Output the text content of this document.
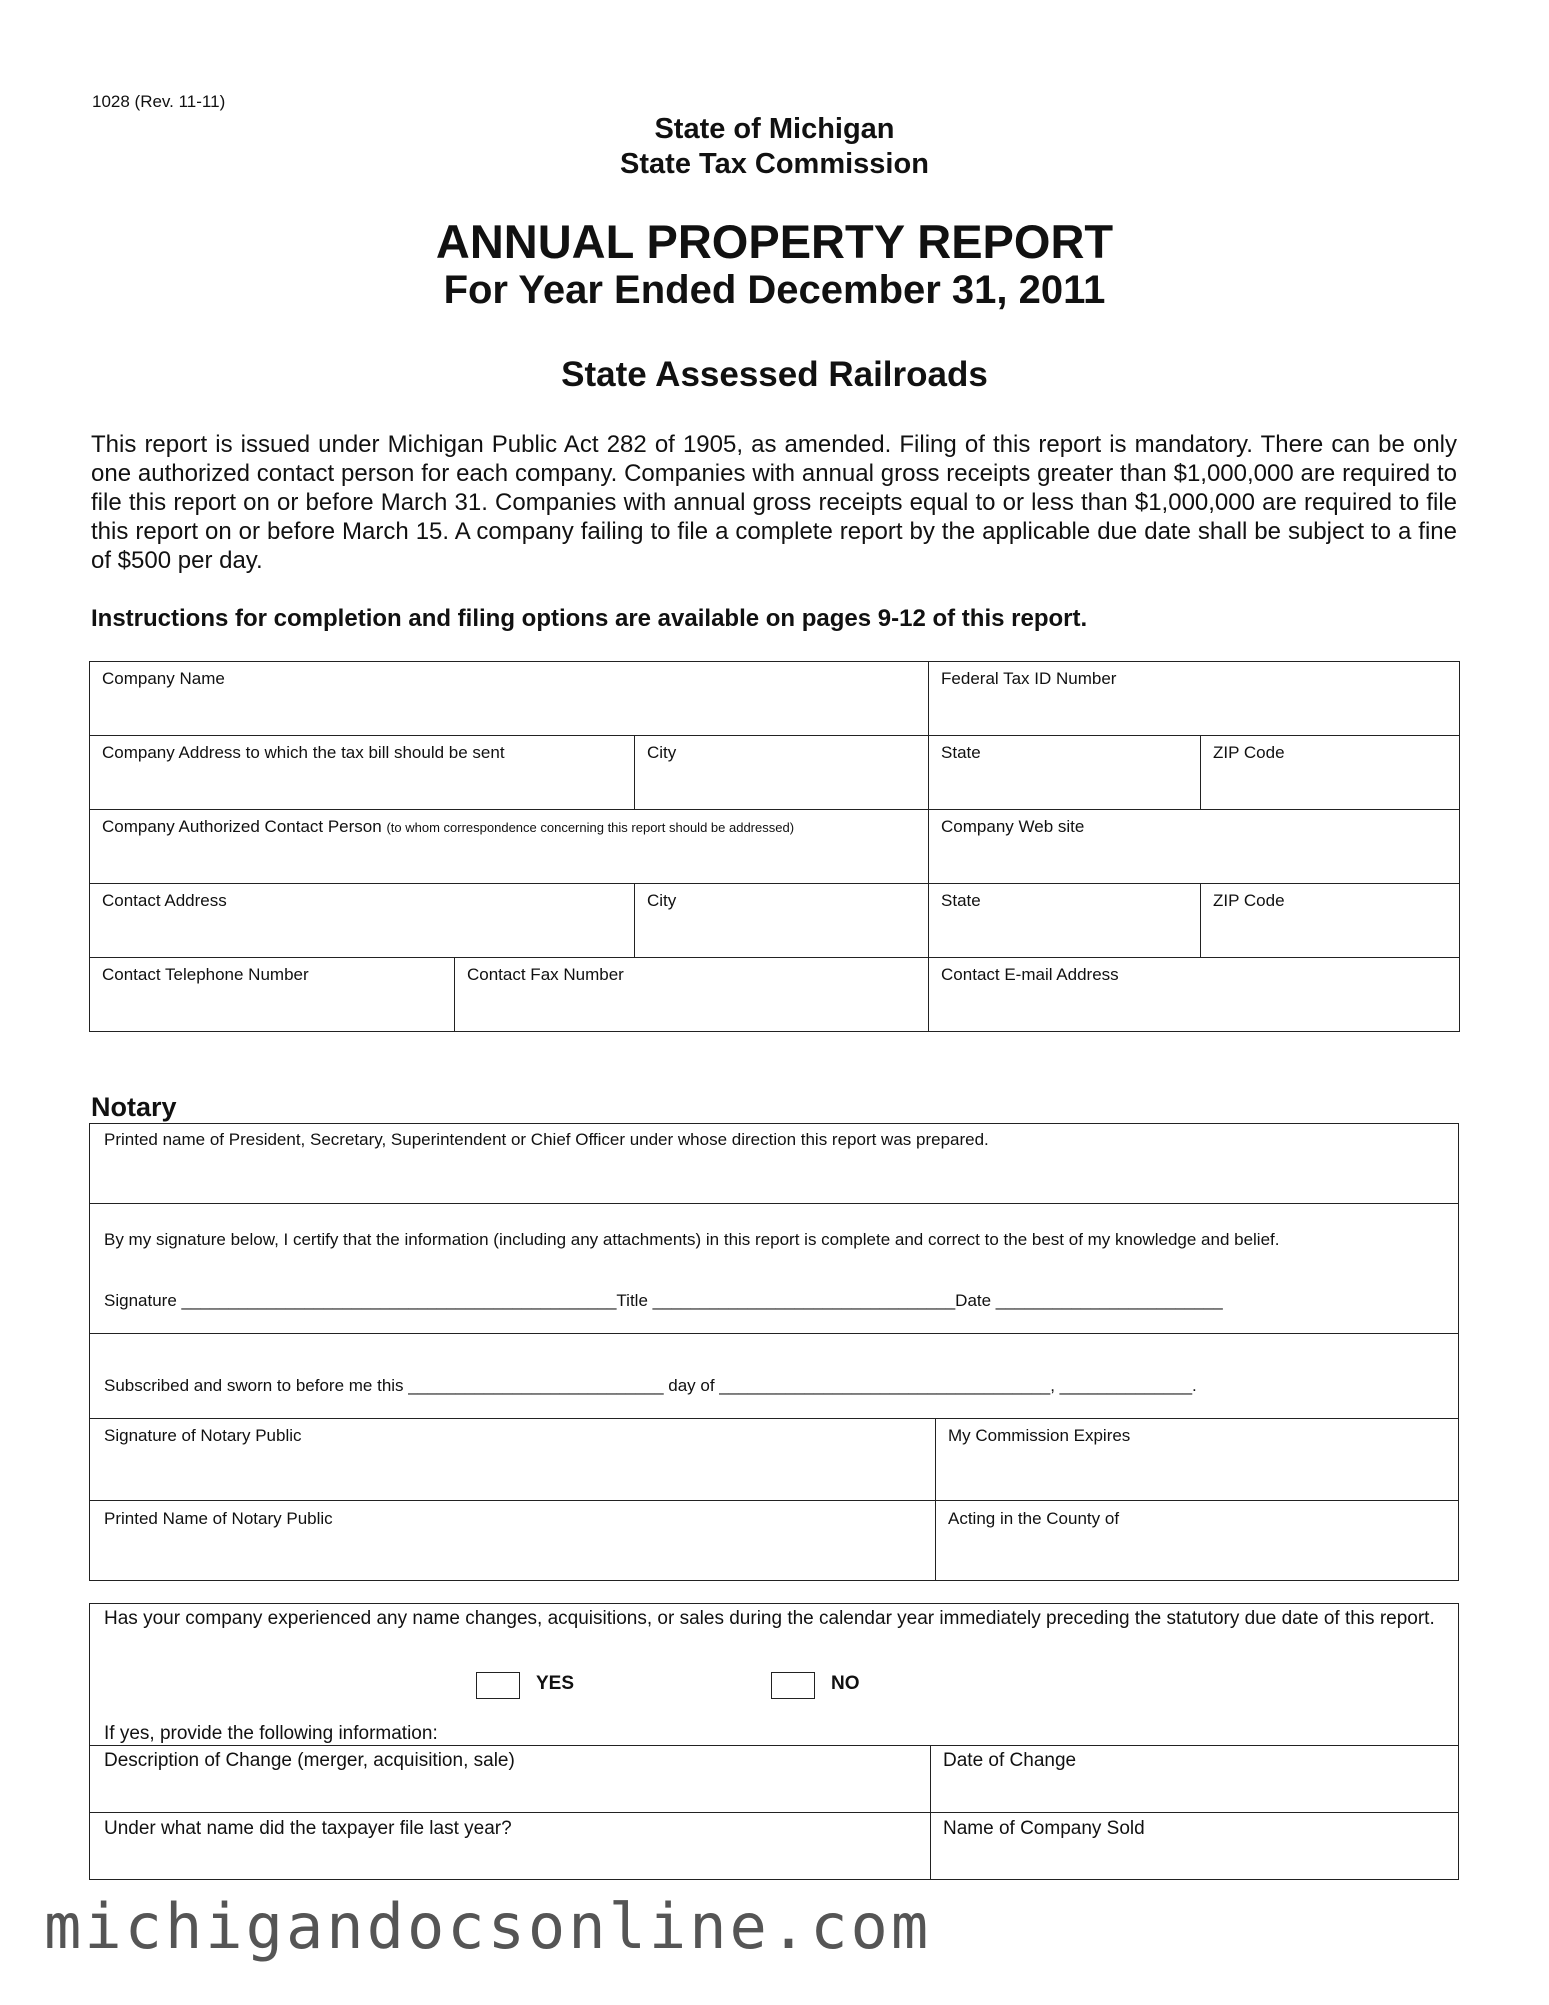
1028 (Rev. 11-11)
State of Michigan
State Tax Commission
ANNUAL PROPERTY REPORT
For Year Ended December 31, 2011
State Assessed Railroads
This report is issued under Michigan Public Act 282 of 1905, as amended. Filing of this report is mandatory. There can be only one authorized contact person for each company. Companies with annual gross receipts greater than $1,000,000 are required to file this report on or before March 31. Companies with annual gross receipts equal to or less than $1,000,000 are required to file this report on or before March 15. A company failing to file a complete report by the applicable due date shall be subject to a fine of $500 per day.
Instructions for completion and filing options are available on pages 9-12 of this report.
Company Name			Federal Tax ID Number	
Company Address to which the tax bill should be sent		City	State	ZIP Code
Company Authorized Contact Person (to whom correspondence concerning this report should be addressed)			Company Web site	
Contact Address		City	State	ZIP Code
Contact Telephone Number	Contact Fax Number		Contact E-mail Address	
Notary
Printed name of President, Secretary, Superintendent or Chief Officer under whose direction this report was prepared.
By my signature below, I certify that the information (including any attachments) in this report is complete and correct to the best of my knowledge and belief.
Signature ______________________________________________Title ________________________________Date ________________________
Subscribed and sworn to before me this ___________________________ day of ___________________________________, ______________.
Signature of Notary Public	My Commission Expires
Printed Name of Notary Public	Acting in the County of
Has your company experienced any name changes, acquisitions, or sales during the calendar year immediately preceding the statutory due date of this report.
YES	NO
If yes, provide the following information:
Description of Change (merger, acquisition, sale)	Date of Change
Under what name did the taxpayer file last year?	Name of Company Sold
michigandocsonline.com
